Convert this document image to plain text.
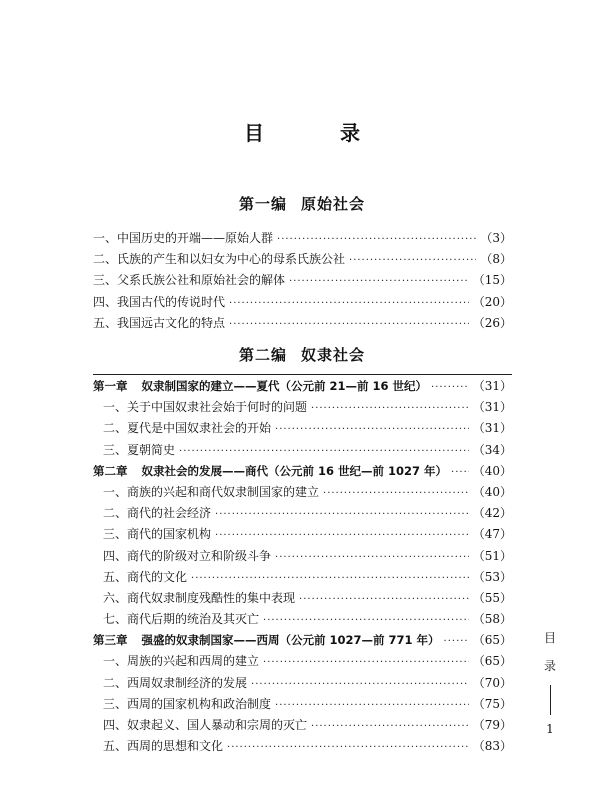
目　录
第一编 原始社会
一、中国历史的开端——原始人群 ·····	（3）
二、氏族的产生和以妇女为中心的母系氏族公社 ·····	（8）
三、父系氏族公社和原始社会的解体 ·····	（15）
四、我国古代的传说时代 ·····	（20）
五、我国远古文化的特点 ·····	（26）
第二编 奴隶社会
第一章 奴隶制国家的建立——夏代（公元前 21—前 16 世纪） ·····	（31）
一、关于中国奴隶社会始于何时的问题 ·····	（31）
二、夏代是中国奴隶社会的开始 ·····	（31）
三、夏朝简史 ·····	（34）
第二章 奴隶社会的发展——商代（公元前 16 世纪—前 1027 年） ····· （40）
一、商族的兴起和商代奴隶制国家的建立 ·····	（40）
二、商代的社会经济 ·····	（42）
三、商代的国家机构 ·····	（47）
四、商代的阶级对立和阶级斗争 ·····	（51）
五、商代的文化 ·····	（53）
六、商代奴隶制度残酷性的集中表现 ·····	（55）
七、商代后期的统治及其灭亡 ·····	（58）
第三章 强盛的奴隶制国家——西周（公元前 1027—前 771 年） ·····	（65）
一、周族的兴起和西周的建立 ·····	（65）
二、西周奴隶制经济的发展 ·····	（70）
三、西周的国家机构和政治制度 ·····	（75）
四、奴隶起义、国人暴动和宗周的灭亡 ·····	（79）
五、西周的思想和文化 ·····	（83）
目
录
1
